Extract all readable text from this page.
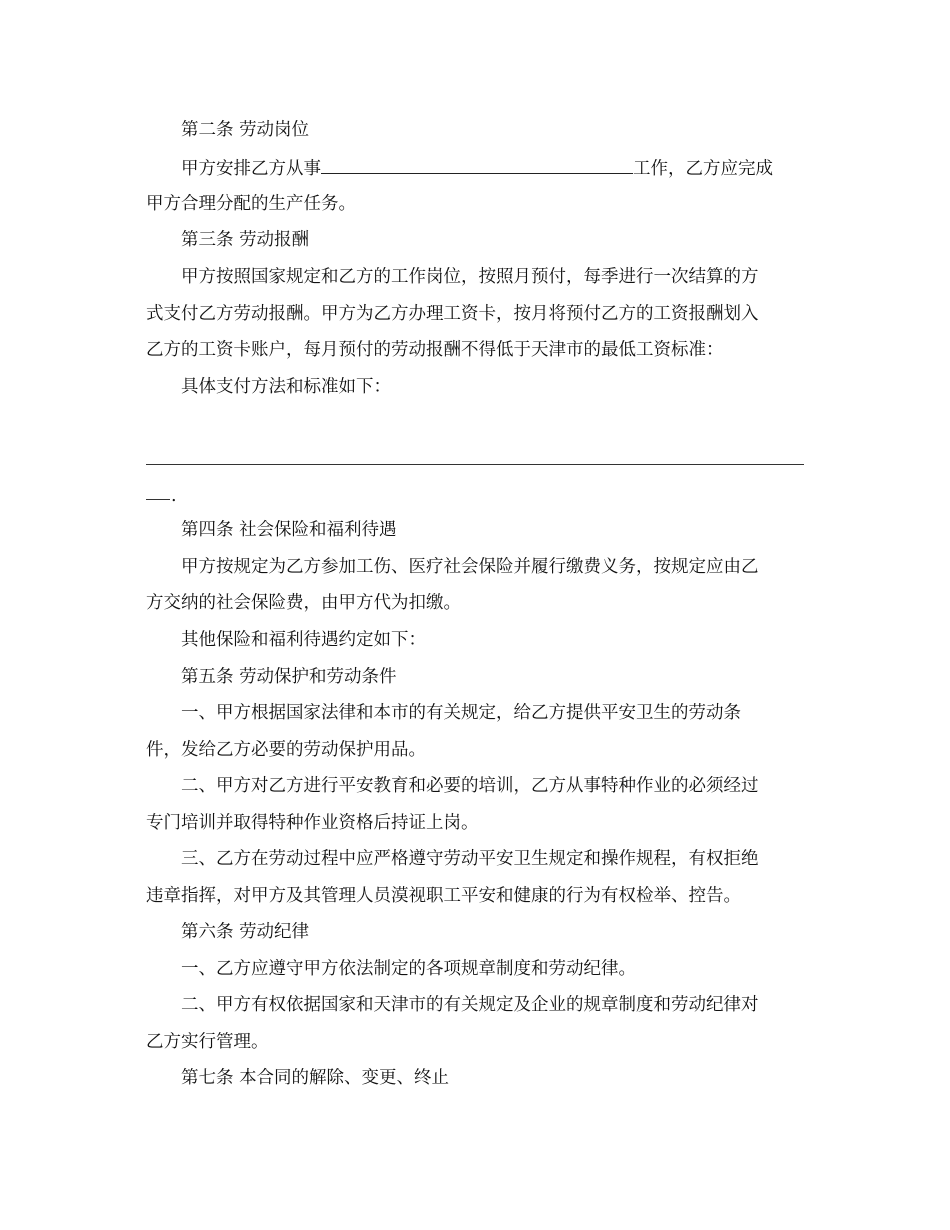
第二条 劳动岗位

甲方安排乙方从事	工作，乙方应完成

甲方合理分配的生产任务。

第三条 劳动报酬

甲方按照国家规定和乙方的工作岗位，按照月预付，每季进行一次结算的方

式支付乙方劳动报酬。甲方为乙方办理工资卡，按月将预付乙方的工资报酬划入

乙方的工资卡账户，每月预付的劳动报酬不得低于天津市的最低工资标准：

具体支付方法和标准如下：

.

第四条 社会保险和福利待遇

甲方按规定为乙方参加工伤、医疗社会保险并履行缴费义务，按规定应由乙

方交纳的社会保险费，由甲方代为扣缴。

其他保险和福利待遇约定如下：

第五条 劳动保护和劳动条件

一、甲方根据国家法律和本市的有关规定，给乙方提供平安卫生的劳动条

件，发给乙方必要的劳动保护用品。

二、甲方对乙方进行平安教育和必要的培训，乙方从事特种作业的必须经过

专门培训并取得特种作业资格后持证上岗。

三、乙方在劳动过程中应严格遵守劳动平安卫生规定和操作规程，有权拒绝

违章指挥，对甲方及其管理人员漠视职工平安和健康的行为有权检举、控告。

第六条 劳动纪律

一、乙方应遵守甲方依法制定的各项规章制度和劳动纪律。

二、甲方有权依据国家和天津市的有关规定及企业的规章制度和劳动纪律对

乙方实行管理。

第七条 本合同的解除、变更、终止
